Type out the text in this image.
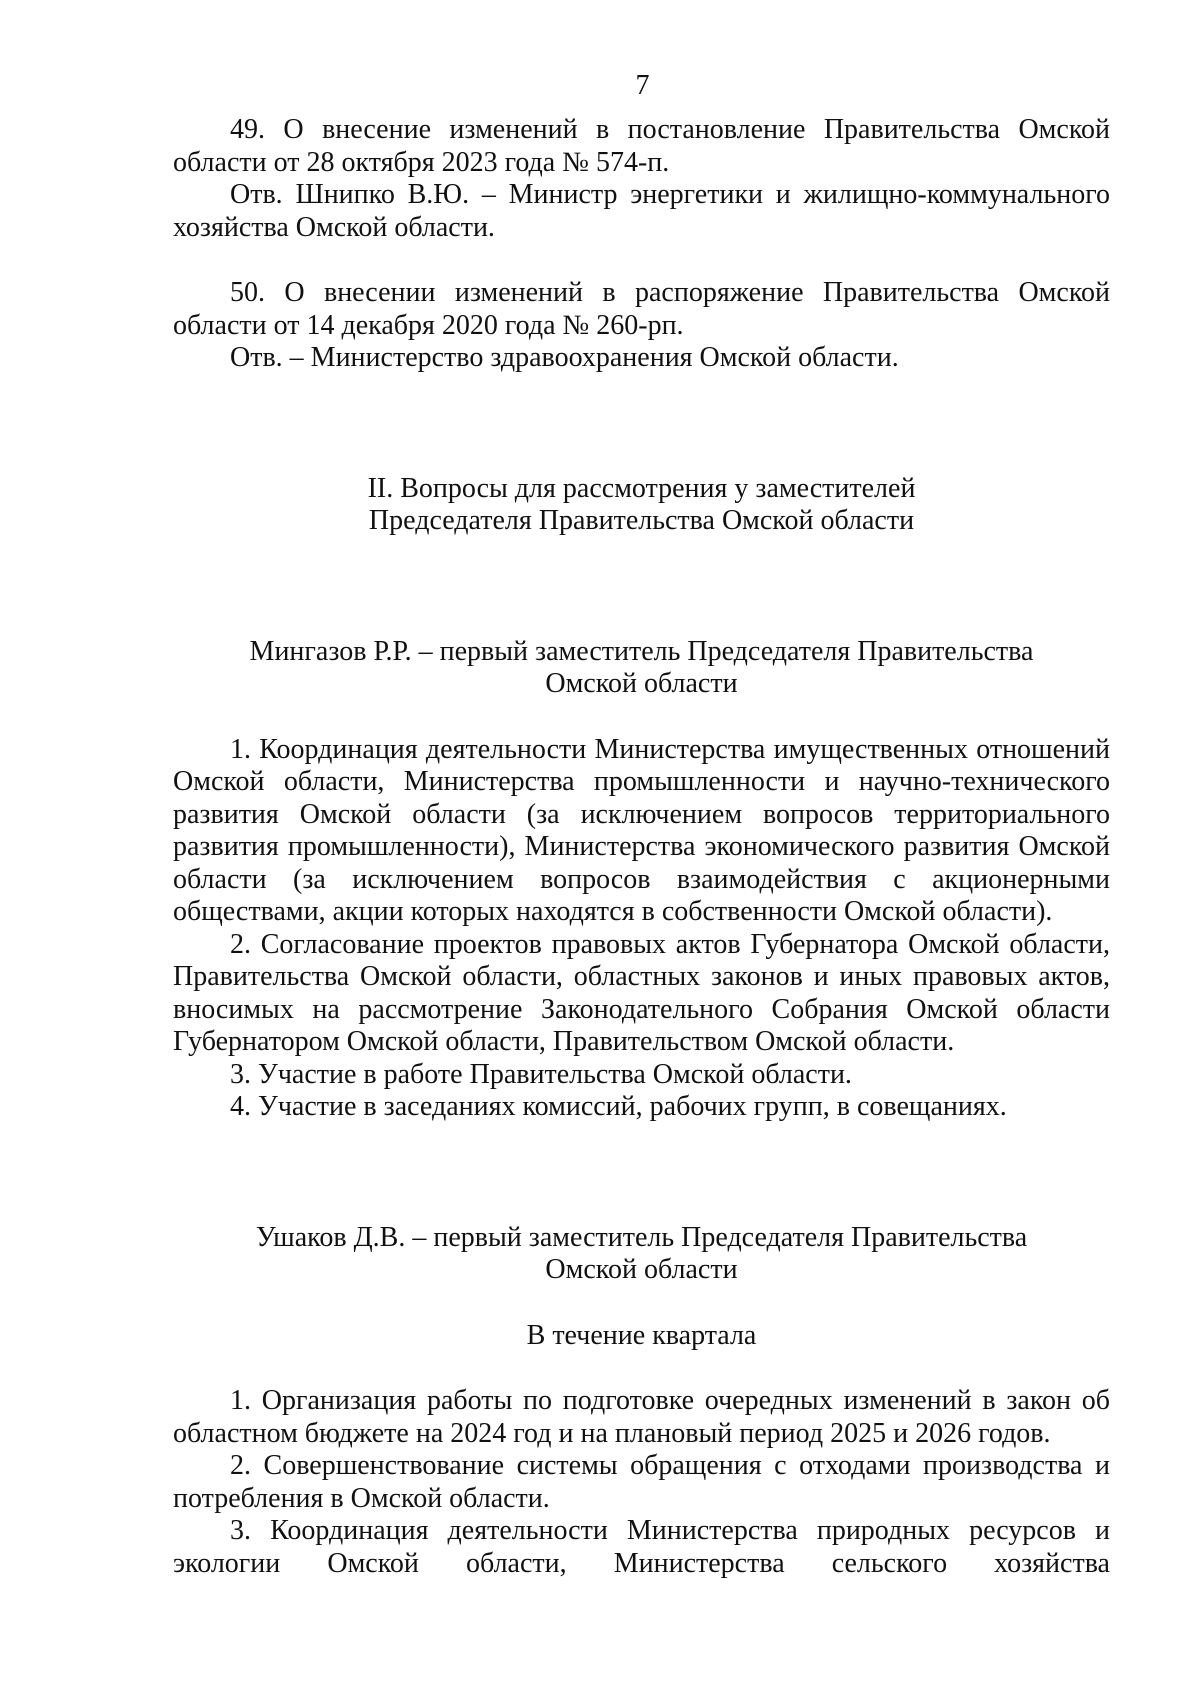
7

49. О внесение изменений в постановление Правительства Омской области от 28 октября 2023 года № 574-п.

Отв. Шнипко В.Ю. – Министр энергетики и жилищно-коммунального хозяйства Омской области.

50. О внесении изменений в распоряжение Правительства Омской области от 14 декабря 2020 года № 260-рп.

Отв. – Министерство здравоохранения Омской области.

II. Вопросы для рассмотрения у заместителей

Председателя Правительства Омской области

Мингазов Р.Р. – первый заместитель Председателя Правительства

Омской области

1. Координация деятельности Министерства имущественных отношений Омской области, Министерства промышленности и научно-технического развития Омской области (за исключением вопросов территориального развития промышленности), Министерства экономического развития Омской области (за исключением вопросов взаимодействия с акционерными обществами, акции которых находятся в собственности Омской области).

2. Согласование проектов правовых актов Губернатора Омской области, Правительства Омской области, областных законов и иных правовых актов, вносимых на рассмотрение Законодательного Собрания Омской области Губернатором Омской области, Правительством Омской области.

3. Участие в работе Правительства Омской области.

4. Участие в заседаниях комиссий, рабочих групп, в совещаниях.

Ушаков Д.В. – первый заместитель Председателя Правительства

Омской области

В течение квартала

1. Организация работы по подготовке очередных изменений в закон об областном бюджете на 2024 год и на плановый период 2025 и 2026 годов.

2. Совершенствование системы обращения с отходами производства и потребления в Омской области.

3. Координация деятельности Министерства природных ресурсов и экологии Омской области, Министерства сельского хозяйства
